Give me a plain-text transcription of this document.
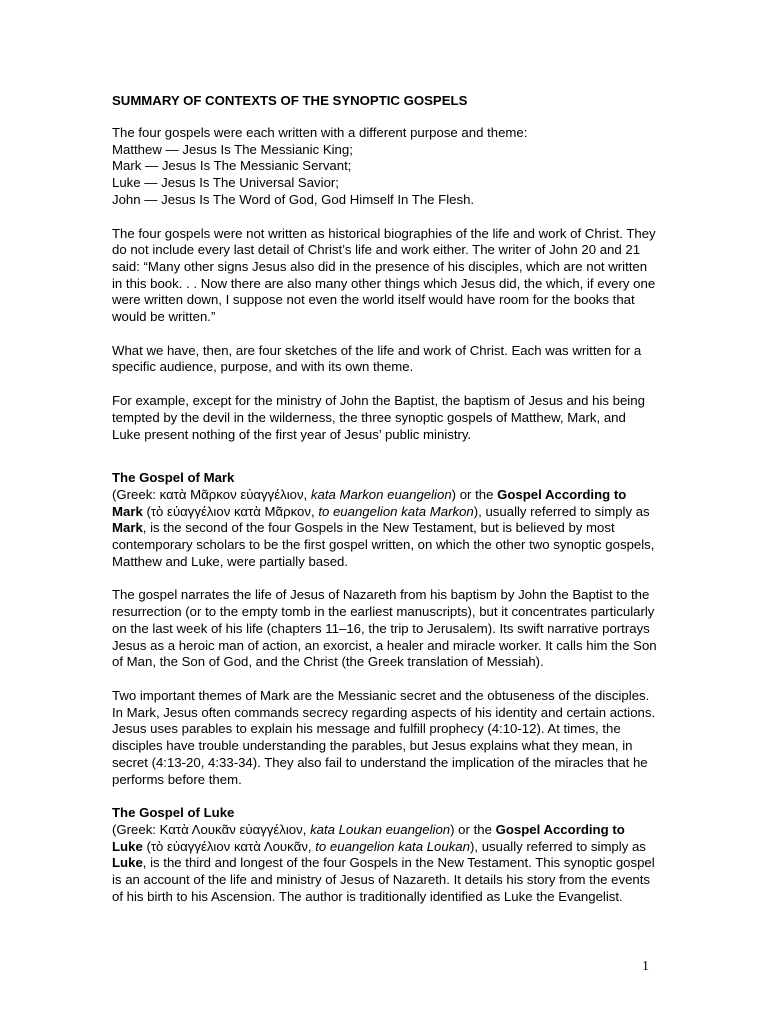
SUMMARY OF CONTEXTS OF THE SYNOPTIC GOSPELS
The four gospels were each written with a different purpose and theme:
Matthew — Jesus Is The Messianic King;
Mark — Jesus Is The Messianic Servant;
Luke — Jesus Is The Universal Savior;
John — Jesus Is The Word of God, God Himself In The Flesh.

The four gospels were not written as historical biographies of the life and work of Christ. They do not include every last detail of Christ’s life and work either. The writer of John 20 and 21 said: “Many other signs Jesus also did in the presence of his disciples, which are not written in this book. . . Now there are also many other things which Jesus did, the which, if every one were written down, I suppose not even the world itself would have room for the books that would be written.”

What we have, then, are four sketches of the life and work of Christ. Each was written for a specific audience, purpose, and with its own theme.

For example, except for the ministry of John the Baptist, the baptism of Jesus and his being tempted by the devil in the wilderness, the three synoptic gospels of Matthew, Mark, and Luke present nothing of the first year of Jesus’ public ministry.

The Gospel of Mark

(Greek: κατὰ Μᾶρκον εὐαγγέλιον, kata Markon euangelion) or the Gospel According to Mark (τὸ εὐαγγέλιον κατὰ Μᾶρκον, to euangelion kata Markon), usually referred to simply as Mark, is the second of the four Gospels in the New Testament, but is believed by most contemporary scholars to be the first gospel written, on which the other two synoptic gospels, Matthew and Luke, were partially based.

The gospel narrates the life of Jesus of Nazareth from his baptism by John the Baptist to the resurrection (or to the empty tomb in the earliest manuscripts), but it concentrates particularly on the last week of his life (chapters 11–16, the trip to Jerusalem). Its swift narrative portrays Jesus as a heroic man of action, an exorcist, a healer and miracle worker. It calls him the Son of Man, the Son of God, and the Christ (the Greek translation of Messiah).

Two important themes of Mark are the Messianic secret and the obtuseness of the disciples. In Mark, Jesus often commands secrecy regarding aspects of his identity and certain actions. Jesus uses parables to explain his message and fulfill prophecy (4:10-12). At times, the disciples have trouble understanding the parables, but Jesus explains what they mean, in secret (4:13-20, 4:33-34). They also fail to understand the implication of the miracles that he performs before them.

The Gospel of Luke

(Greek: Κατὰ Λουκᾶν εὐαγγέλιον, kata Loukan euangelion) or the Gospel According to Luke (τὸ εὐαγγέλιον κατὰ Λουκᾶν, to euangelion kata Loukan), usually referred to simply as Luke, is the third and longest of the four Gospels in the New Testament. This synoptic gospel is an account of the life and ministry of Jesus of Nazareth. It details his story from the events of his birth to his Ascension. The author is traditionally identified as Luke the Evangelist.

1
